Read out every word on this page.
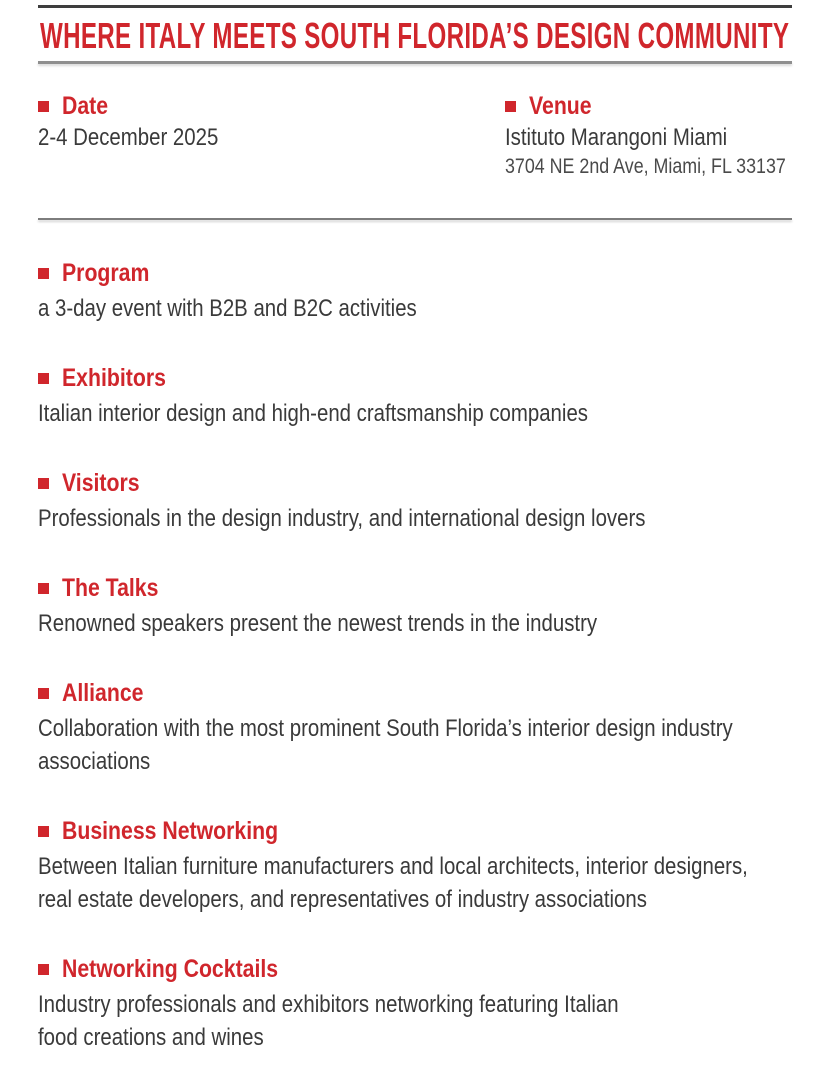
WHERE ITALY MEETS SOUTH FLORIDA’S DESIGN COMMUNITY
Date
2-4 December 2025
Venue
Istituto Marangoni Miami
3704 NE 2nd Ave, Miami, FL 33137
Program
a 3-day event with B2B and B2C activities
Exhibitors
Italian interior design and high-end craftsmanship companies
Visitors
Professionals in the design industry, and international design lovers
The Talks
Renowned speakers present the newest trends in the industry
Alliance
Collaboration with the most prominent South Florida’s interior design industry
associations
Business Networking
Between Italian furniture manufacturers and local architects, interior designers,
real estate developers, and representatives of industry associations
Networking Cocktails
Industry professionals and exhibitors networking featuring Italian
food creations and wines
